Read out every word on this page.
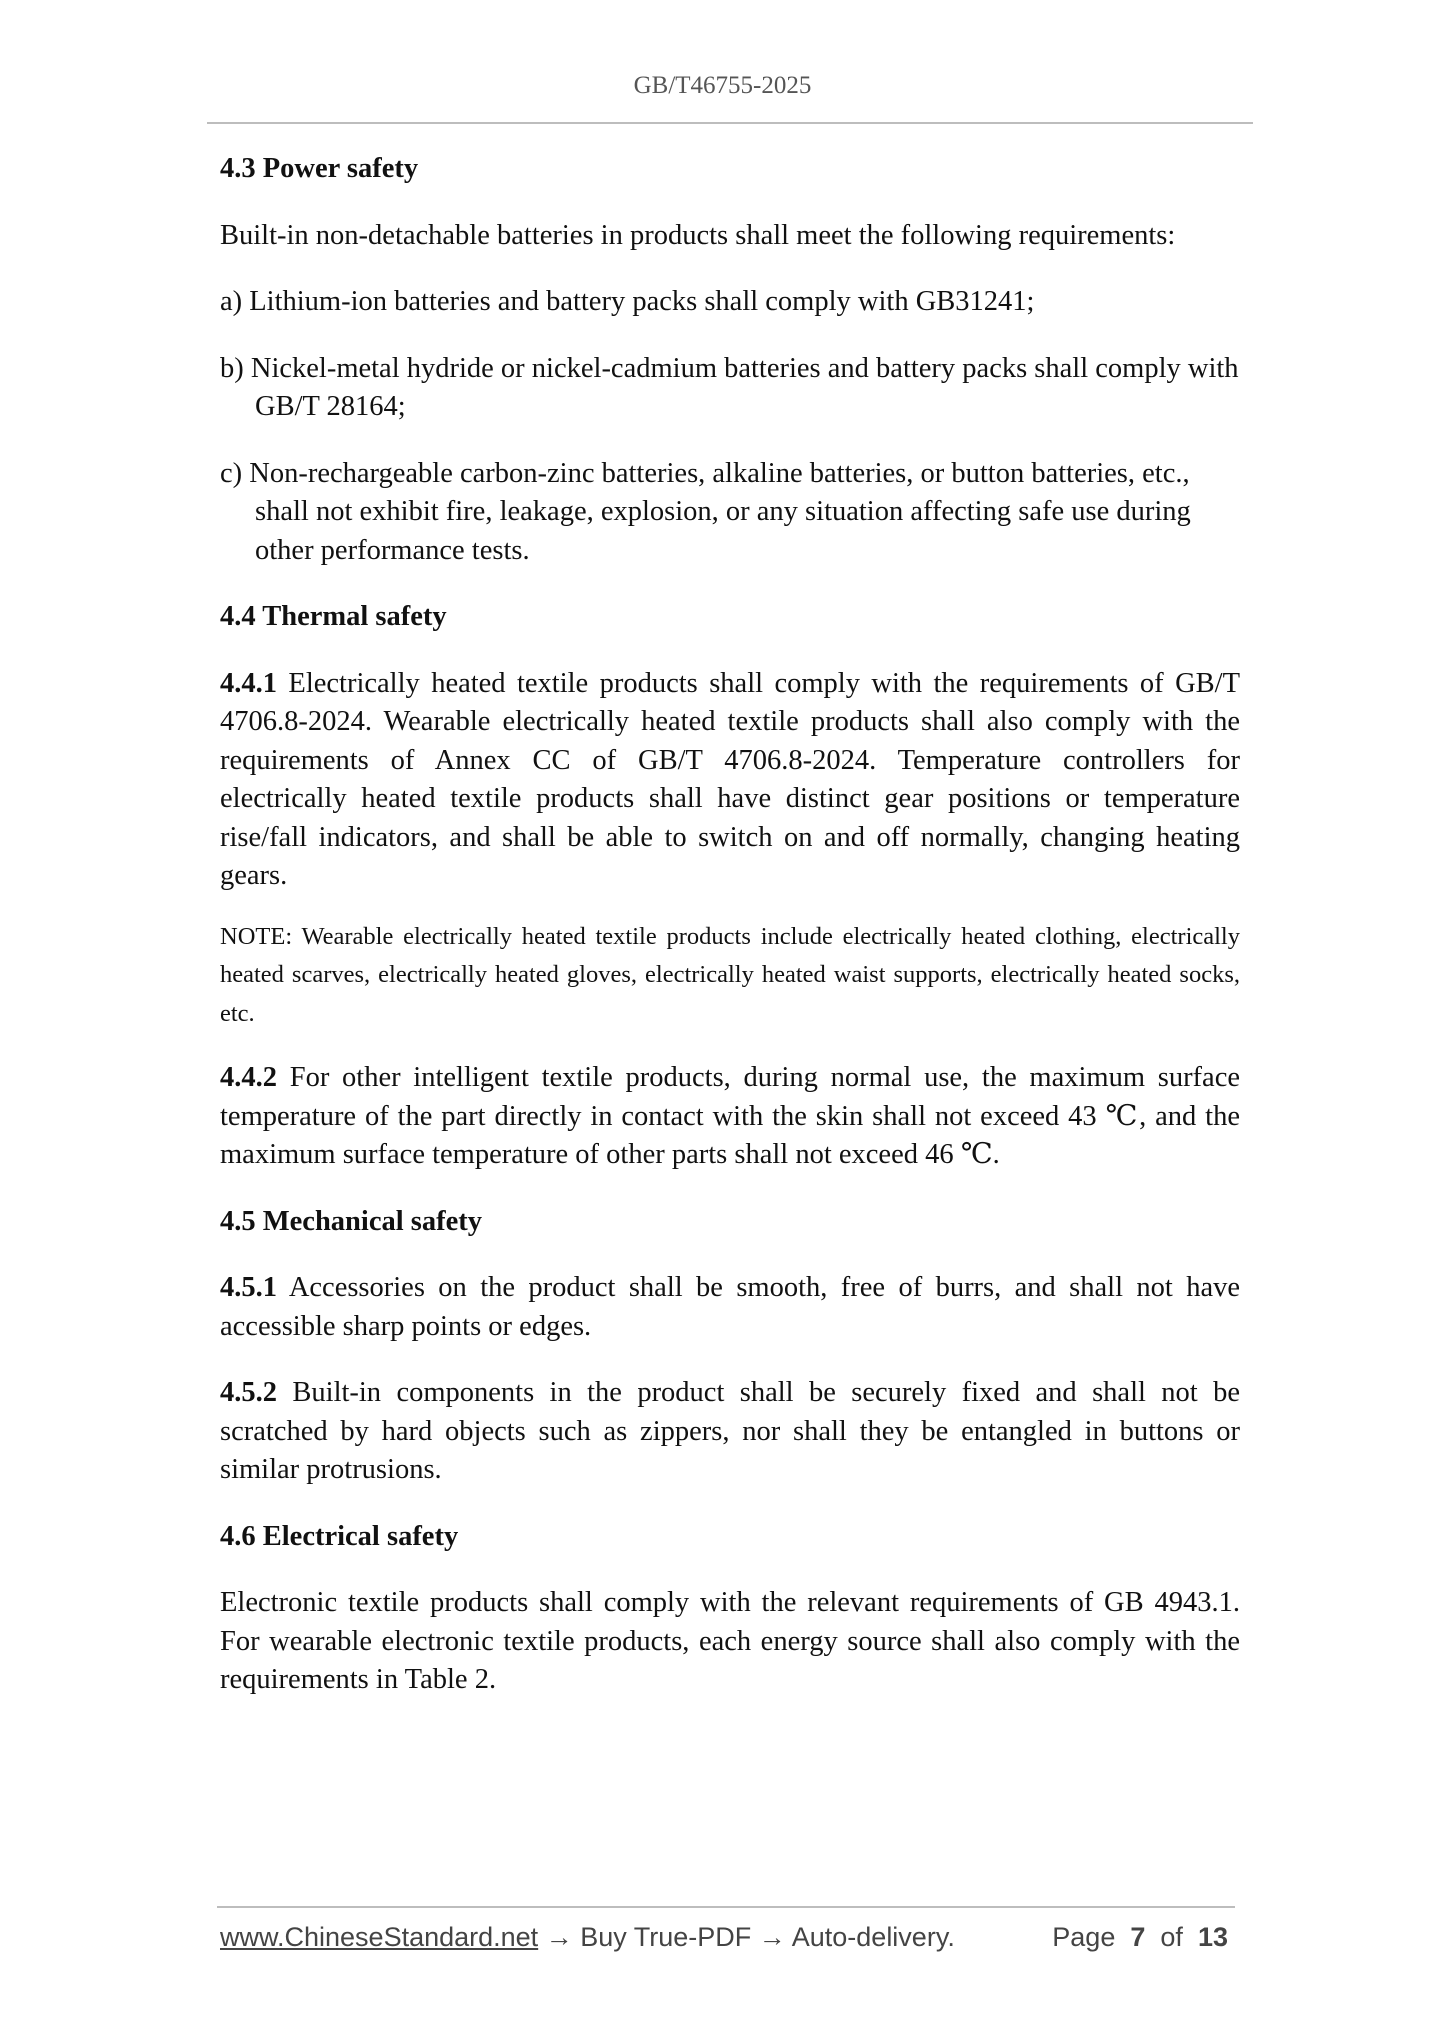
GB/T46755-2025

4.3 Power safety

Built-in non-detachable batteries in products shall meet the following requirements:

a) Lithium-ion batteries and battery packs shall comply with GB31241;

b) Nickel-metal hydride or nickel-cadmium batteries and battery packs shall comply with GB/T 28164;

c) Non-rechargeable carbon-zinc batteries, alkaline batteries, or button batteries, etc., shall not exhibit fire, leakage, explosion, or any situation affecting safe use during other performance tests.

4.4 Thermal safety

4.4.1 Electrically heated textile products shall comply with the requirements of GB/T 4706.8-2024. Wearable electrically heated textile products shall also comply with the requirements of Annex CC of GB/T 4706.8-2024. Temperature controllers for electrically heated textile products shall have distinct gear positions or temperature rise/fall indicators, and shall be able to switch on and off normally, changing heating gears.

NOTE: Wearable electrically heated textile products include electrically heated clothing, electrically heated scarves, electrically heated gloves, electrically heated waist supports, electrically heated socks, etc.

4.4.2 For other intelligent textile products, during normal use, the maximum surface temperature of the part directly in contact with the skin shall not exceed 43 ℃, and the maximum surface temperature of other parts shall not exceed 46 ℃.

4.5 Mechanical safety

4.5.1 Accessories on the product shall be smooth, free of burrs, and shall not have accessible sharp points or edges.

4.5.2 Built-in components in the product shall be securely fixed and shall not be scratched by hard objects such as zippers, nor shall they be entangled in buttons or similar protrusions.

4.6 Electrical safety

Electronic textile products shall comply with the relevant requirements of GB 4943.1. For wearable electronic textile products, each energy source shall also comply with the requirements in Table 2.

www.ChineseStandard.net → Buy True-PDF → Auto-delivery.	Page 7 of 13
